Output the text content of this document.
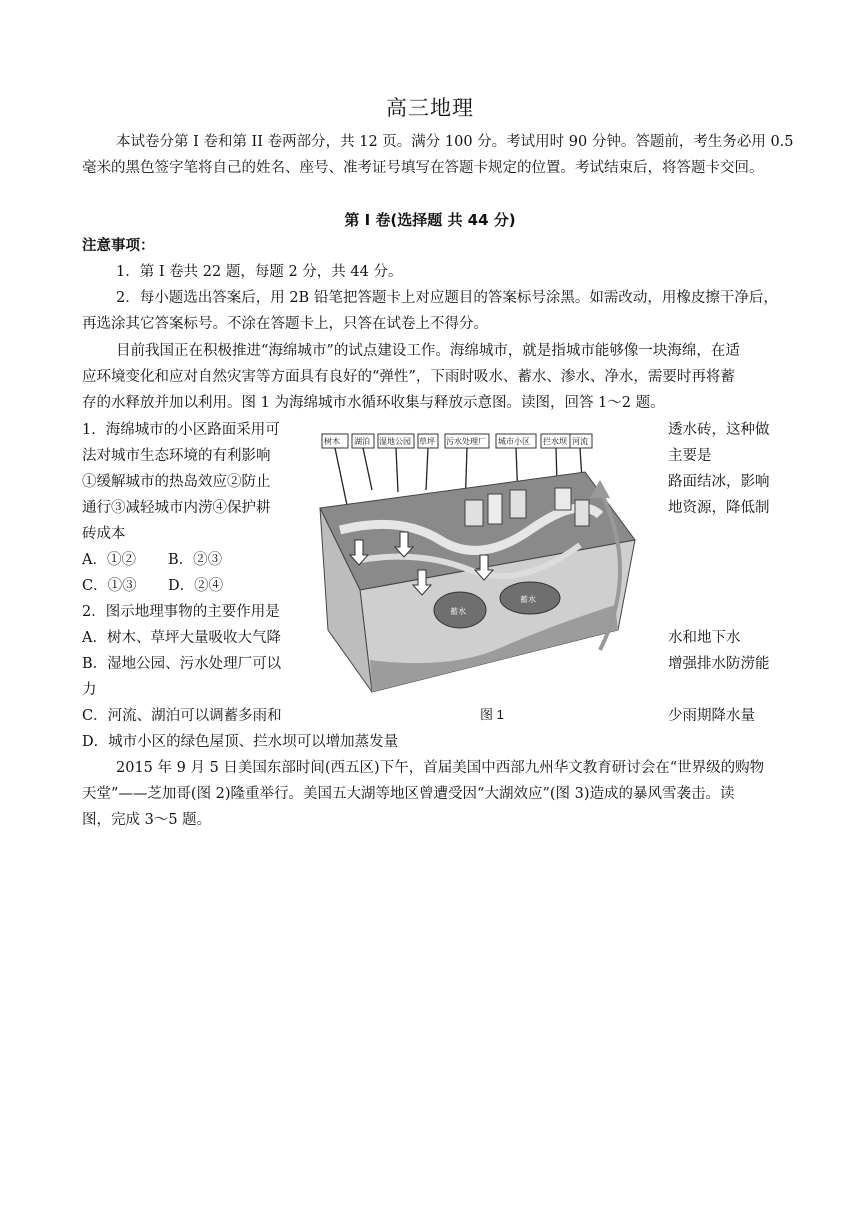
高三地理
本试卷分第 I 卷和第 II 卷两部分，共 12 页。满分 100 分。考试用时 90 分钟。答题前，考生务必用 0.5
毫米的黑色签字笔将自己的姓名、座号、准考证号填写在答题卡规定的位置。考试结束后，将答题卡交回。
第 I 卷(选择题 共 44 分)
注意事项：
1．第 I 卷共 22 题，每题 2 分，共 44 分。
2．每小题选出答案后，用 2B 铅笔把答题卡上对应题目的答案标号涂黑。如需改动，用橡皮擦干净后，
再选涂其它答案标号。不涂在答题卡上，只答在试卷上不得分。
目前我国正在积极推进“海绵城市”的试点建设工作。海绵城市，就是指城市能够像一块海绵，在适
应环境变化和应对自然灾害等方面具有良好的“弹性”，下雨时吸水、蓄水、渗水、净水，需要时再将蓄
存的水释放并加以利用。图 1 为海绵城市水循环收集与释放示意图。读图，回答 1～2 题。
1．海绵城市的小区路面采用可
法对城市生态环境的有利影响
①缓解城市的热岛效应②防止
通行③减轻城市内涝④保护耕
砖成本
透水砖，这种做
主要是
路面结冰，影响
地资源，降低制
A．①② B．②③
C．①③ D．②④
2．图示地理事物的主要作用是
A．树木、草坪大量吸收大气降	水和地下水
B．湿地公园、污水处理厂可以	增强排水防涝能
力
C．河流、湖泊可以调蓄多雨和	少雨期降水量
D．城市小区的绿色屋顶、拦水坝可以增加蒸发量
树木 湖泊 湿地公园 草坪 污水处理厂 城市小区 拦水坝 河流
蓄水
蓄水
图 1
2015 年 9 月 5 日美国东部时间(西五区)下午，首届美国中西部九州华文教育研讨会在“世界级的购物
天堂”——芝加哥(图 2)隆重举行。美国五大湖等地区曾遭受因“大湖效应”(图 3)造成的暴风雪袭击。读
图，完成 3～5 题。
